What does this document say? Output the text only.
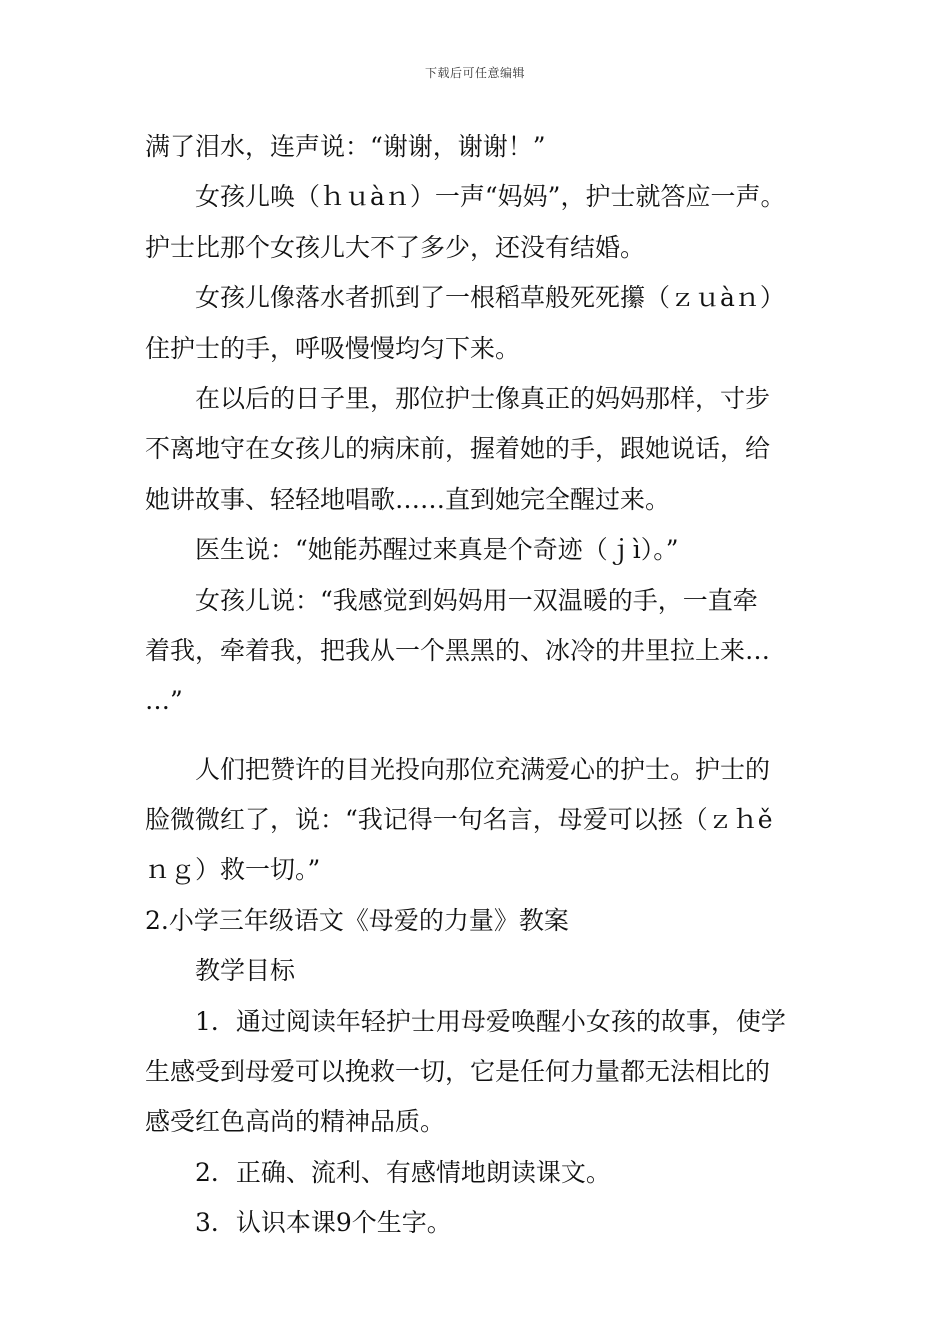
下载后可任意编辑
满了泪水，连声说：“谢谢，谢谢！”
女孩儿唤（ｈｕàｎ）一声“妈妈”，护士就答应一声。
护士比那个女孩儿大不了多少，还没有结婚。
女孩儿像落水者抓到了一根稻草般死死攥（ｚｕàｎ）
住护士的手，呼吸慢慢均匀下来。
在以后的日子里，那位护士像真正的妈妈那样，寸步
不离地守在女孩儿的病床前，握着她的手，跟她说话，给
她讲故事、轻轻地唱歌……直到她完全醒过来。
医生说：“她能苏醒过来真是个奇迹（ｊì）。”
女孩儿说：“我感觉到妈妈用一双温暖的手，一直牵
着我，牵着我，把我从一个黑黑的、冰冷的井里拉上来…
…”
人们把赞许的目光投向那位充满爱心的护士。护士的
脸微微红了，说：“我记得一句名言，母爱可以拯（ｚｈě
ｎｇ）救一切。”
2.小学三年级语文《母爱的力量》教案
教学目标
1．通过阅读年轻护士用母爱唤醒小女孩的故事，使学
生感受到母爱可以挽救一切，它是任何力量都无法相比的
感受红色高尚的精神品质。
2．正确、流利、有感情地朗读课文。
3．认识本课9个生字。
